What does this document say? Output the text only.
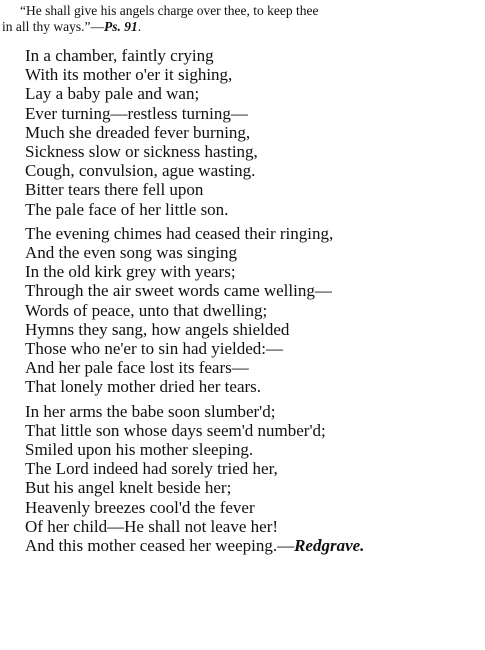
“He shall give his angels charge over thee, to keep thee
in all thy ways.”—Ps. 91.
In a chamber, faintly crying
With its mother o'er it sighing,
Lay a baby pale and wan;
Ever turning—restless turning—
Much she dreaded fever burning,
Sickness slow or sickness hasting,
Cough, convulsion, ague wasting.
Bitter tears there fell upon
The pale face of her little son.
The evening chimes had ceased their ringing,
And the even song was singing
In the old kirk grey with years;
Through the air sweet words came welling—
Words of peace, unto that dwelling;
Hymns they sang, how angels shielded
Those who ne'er to sin had yielded:—
And her pale face lost its fears—
That lonely mother dried her tears.
In her arms the babe soon slumber'd;
That little son whose days seem'd number'd;
Smiled upon his mother sleeping.
The Lord indeed had sorely tried her,
But his angel knelt beside her;
Heavenly breezes cool'd the fever
Of her child—He shall not leave her!
And this mother ceased her weeping.—Redgrave.
